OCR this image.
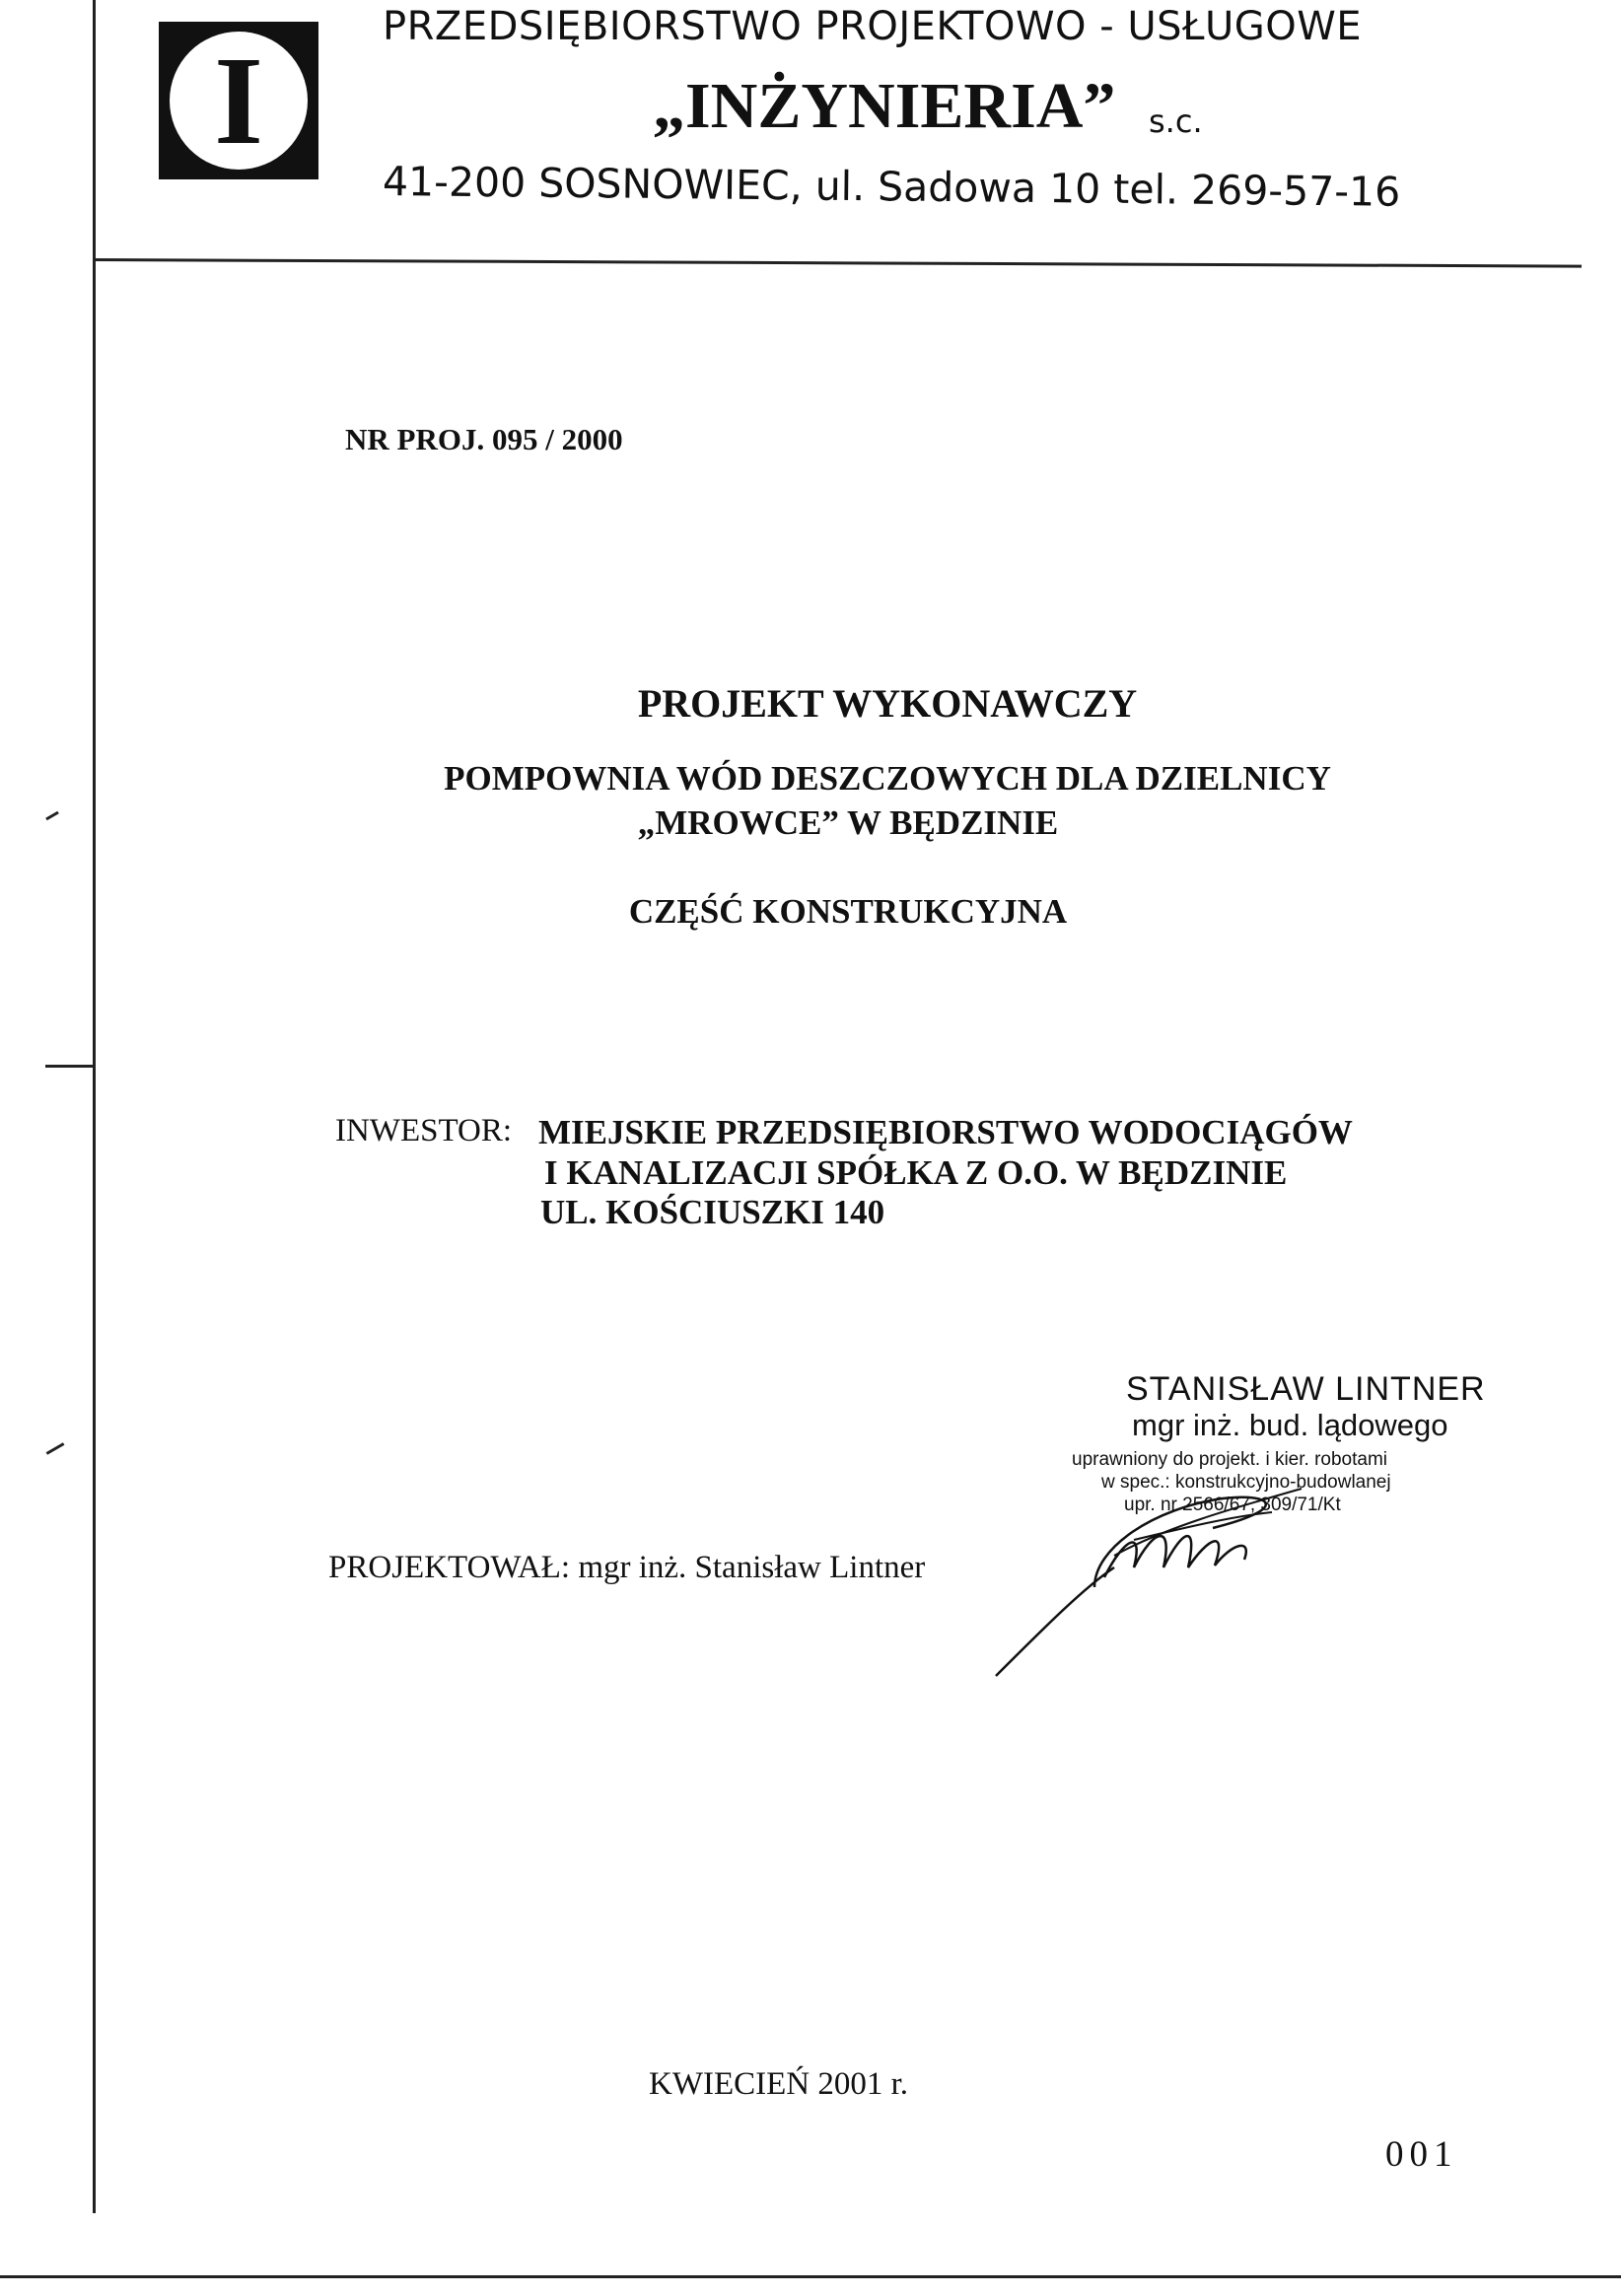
I
PRZEDSIĘBIORSTWO PROJEKTOWO - USŁUGOWE
„INŻYNIERIA” s.c.
41-200 SOSNOWIEC, ul. Sadowa 10 tel. 269-57-16
NR PROJ. 095 / 2000
PROJEKT WYKONAWCZY
POMPOWNIA WÓD DESZCZOWYCH DLA DZIELNICY
„MROWCE” W BĘDZINIE
CZĘŚĆ KONSTRUKCYJNA
INWESTOR: MIEJSKIE PRZEDSIĘBIORSTWO WODOCIĄGÓW
I KANALIZACJI SPÓŁKA Z O.O. W BĘDZINIE
UL. KOŚCIUSZKI 140
STANISŁAW LINTNER
mgr inż. bud. lądowego
uprawniony do projekt. i kier. robotami
w spec.: konstrukcyjno-budowlanej
upr. nr 2566/67, 309/71/Kt
PROJEKTOWAŁ: mgr inż. Stanisław Lintner
KWIECIEŃ 2001 r.
001
